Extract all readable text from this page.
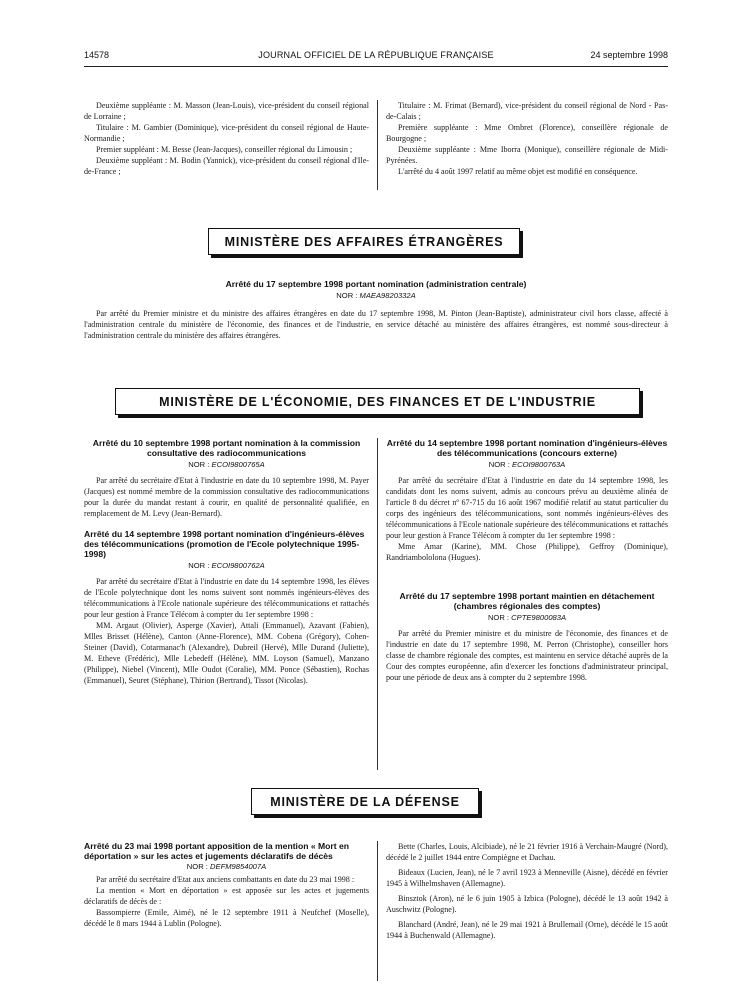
14578	JOURNAL OFFICIEL DE LA RÉPUBLIQUE FRANÇAISE	24 septembre 1998

Deuxième suppléante : M. Masson (Jean-Louis), vice-président du conseil régional de Lorraine ;

Titulaire : M. Gambier (Dominique), vice-président du conseil régional de Haute-Normandie ;

Premier suppléant : M. Besse (Jean-Jacques), conseiller régional du Limousin ;

Deuxième suppléant : M. Bodin (Yannick), vice-président du conseil régional d'Ile-de-France ;

Titulaire : M. Frimat (Bernard), vice-président du conseil régional de Nord - Pas-de-Calais ;

Première suppléante : Mme Ombret (Florence), conseillère régionale de Bourgogne ;

Deuxième suppléante : Mme Iborra (Monique), conseillère régionale de Midi-Pyrénées.

L'arrêté du 4 août 1997 relatif au même objet est modifié en conséquence.

MINISTÈRE DES AFFAIRES ÉTRANGÈRES
Arrêté du 17 septembre 1998 portant nomination (administration centrale)
NOR : MAEA9820332A

Par arrêté du Premier ministre et du ministre des affaires étrangères en date du 17 septembre 1998, M. Pinton (Jean-Baptiste), administrateur civil hors classe, affecté à l'administration centrale du ministère de l'économie, des finances et de l'industrie, en service détaché au ministère des affaires étrangères, est nommé sous-directeur à l'administration centrale du ministère des affaires étrangères.

MINISTÈRE DE L'ÉCONOMIE, DES FINANCES ET DE L'INDUSTRIE
Arrêté du 10 septembre 1998 portant nomination à la commission consultative des radiocommunications
NOR : ECOI9800765A

Par arrêté du secrétaire d'Etat à l'industrie en date du 10 septembre 1998, M. Payer (Jacques) est nommé membre de la commission consultative des radiocommunications pour la durée du mandat restant à courir, en qualité de personnalité qualifiée, en remplacement de M. Levy (Jean-Bernard).

Arrêté du 14 septembre 1998 portant nomination d'ingénieurs-élèves des télécommunications (promotion de l'Ecole polytechnique 1995-1998)
NOR : ECOI9800762A

Par arrêté du secrétaire d'Etat à l'industrie en date du 14 septembre 1998, les élèves de l'Ecole polytechnique dont les noms suivent sont nommés ingénieurs-élèves des télécommunications à l'Ecole nationale supérieure des télécommunications et rattachés pour leur gestion à France Télécom à compter du 1er septembre 1998 :

MM. Argaut (Olivier), Asperge (Xavier), Attali (Emmanuel), Azavant (Fabien), Mlles Brisset (Hélène), Canton (Anne-Florence), MM. Cobena (Grégory), Cohen-Steiner (David), Cotarmanac'h (Alexandre), Dubreil (Hervé), Mlle Durand (Juliette), M. Etheve (Frédéric), Mlle Lebedeff (Hélène), MM. Loyson (Samuel), Manzano (Philippe), Niebel (Vincent), Mlle Oudot (Coralie), MM. Ponce (Sébastien), Rochas (Emmanuel), Seuret (Stéphane), Thirion (Bertrand), Tissot (Nicolas).

Arrêté du 14 septembre 1998 portant nomination d'ingénieurs-élèves des télécommunications (concours externe)
NOR : ECOI9800763A

Par arrêté du secrétaire d'Etat à l'industrie en date du 14 septembre 1998, les candidats dont les noms suivent, admis au concours prévu au deuxième alinéa de l'article 8 du décret nº 67-715 du 16 août 1967 modifié relatif au statut particulier du corps des ingénieurs des télécommunications, sont nommés ingénieurs-élèves des télécommunications à l'Ecole nationale supérieure des télécommunications et rattachés pour leur gestion à France Télécom à compter du 1er septembre 1998 :

Mme Amar (Karine), MM. Chose (Philippe), Geffroy (Dominique), Randriambololona (Hugues).

Arrêté du 17 septembre 1998 portant maintien en détachement (chambres régionales des comptes)
NOR : CPTE9800083A

Par arrêté du Premier ministre et du ministre de l'économie, des finances et de l'industrie en date du 17 septembre 1998, M. Perron (Christophe), conseiller hors classe de chambre régionale des comptes, est maintenu en service détaché auprès de la Cour des comptes européenne, afin d'exercer les fonctions d'administrateur principal, pour une période de deux ans à compter du 2 septembre 1998.

MINISTÈRE DE LA DÉFENSE
Arrêté du 23 mai 1998 portant apposition de la mention « Mort en déportation » sur les actes et jugements déclaratifs de décès
NOR : DEFM9854007A

Par arrêté du secrétaire d'Etat aux anciens combattants en date du 23 mai 1998 :

La mention « Mort en déportation » est apposée sur les actes et jugements déclaratifs de décès de :

Bassompierre (Emile, Aimé), né le 12 septembre 1911 à Neufchef (Moselle), décédé le 8 mars 1944 à Lublin (Pologne).

Bette (Charles, Louis, Alcibiade), né le 21 février 1916 à Verchain-Maugré (Nord), décédé le 2 juillet 1944 entre Compiègne et Dachau.

Bideaux (Lucien, Jean), né le 7 avril 1923 à Menneville (Aisne), décédé en février 1945 à Wilhelmshaven (Allemagne).

Binsztok (Aron), né le 6 juin 1905 à Izbica (Pologne), décédé le 13 août 1942 à Auschwitz (Pologne).

Blanchard (André, Jean), né le 29 mai 1921 à Brullemail (Orne), décédé le 15 août 1944 à Buchenwald (Allemagne).
